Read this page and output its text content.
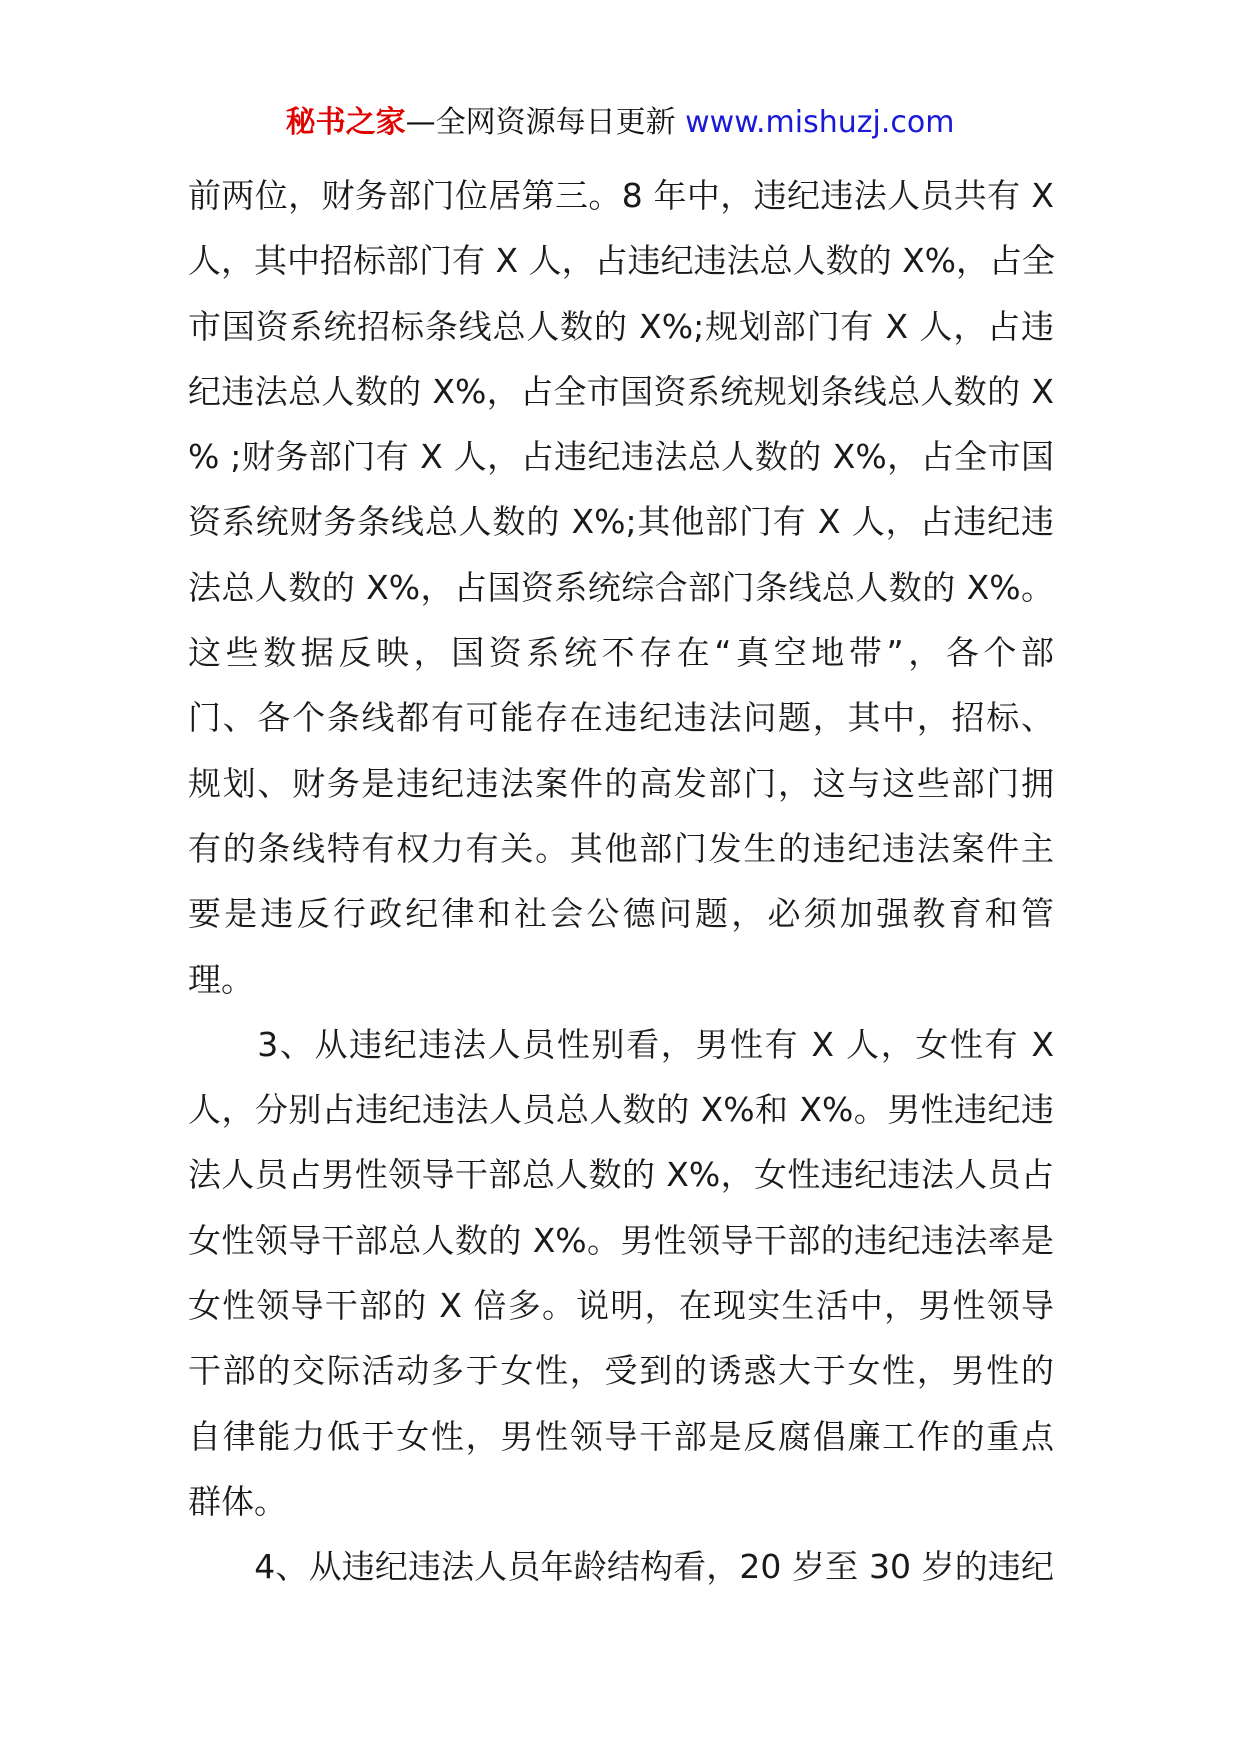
秘书之家—全网资源每日更新 www.mishuzj.com
前两位，财务部门位居第三。8 年中，违纪违法人员共有 X
人，其中招标部门有 X 人，占违纪违法总人数的 X%，占全
市国资系统招标条线总人数的 X%;规划部门有 X 人，占违
纪违法总人数的 X%，占全市国资系统规划条线总人数的 X
% ;财务部门有 X 人，占违纪违法总人数的 X%，占全市国
资系统财务条线总人数的 X%;其他部门有 X 人，占违纪违
法总人数的 X%，占国资系统综合部门条线总人数的 X%。
这些数据反映，国资系统不存在“真空地带”，各个部
门、各个条线都有可能存在违纪违法问题，其中，招标、
规划、财务是违纪违法案件的高发部门，这与这些部门拥
有的条线特有权力有关。其他部门发生的违纪违法案件主
要是违反行政纪律和社会公德问题，必须加强教育和管
理。
　　3、从违纪违法人员性别看，男性有 X 人，女性有 X
人，分别占违纪违法人员总人数的 X%和 X%。男性违纪违
法人员占男性领导干部总人数的 X%，女性违纪违法人员占
女性领导干部总人数的 X%。男性领导干部的违纪违法率是
女性领导干部的 X 倍多。说明，在现实生活中，男性领导
干部的交际活动多于女性，受到的诱惑大于女性，男性的
自律能力低于女性，男性领导干部是反腐倡廉工作的重点
群体。
　　4、从违纪违法人员年龄结构看，20 岁至 30 岁的违纪
